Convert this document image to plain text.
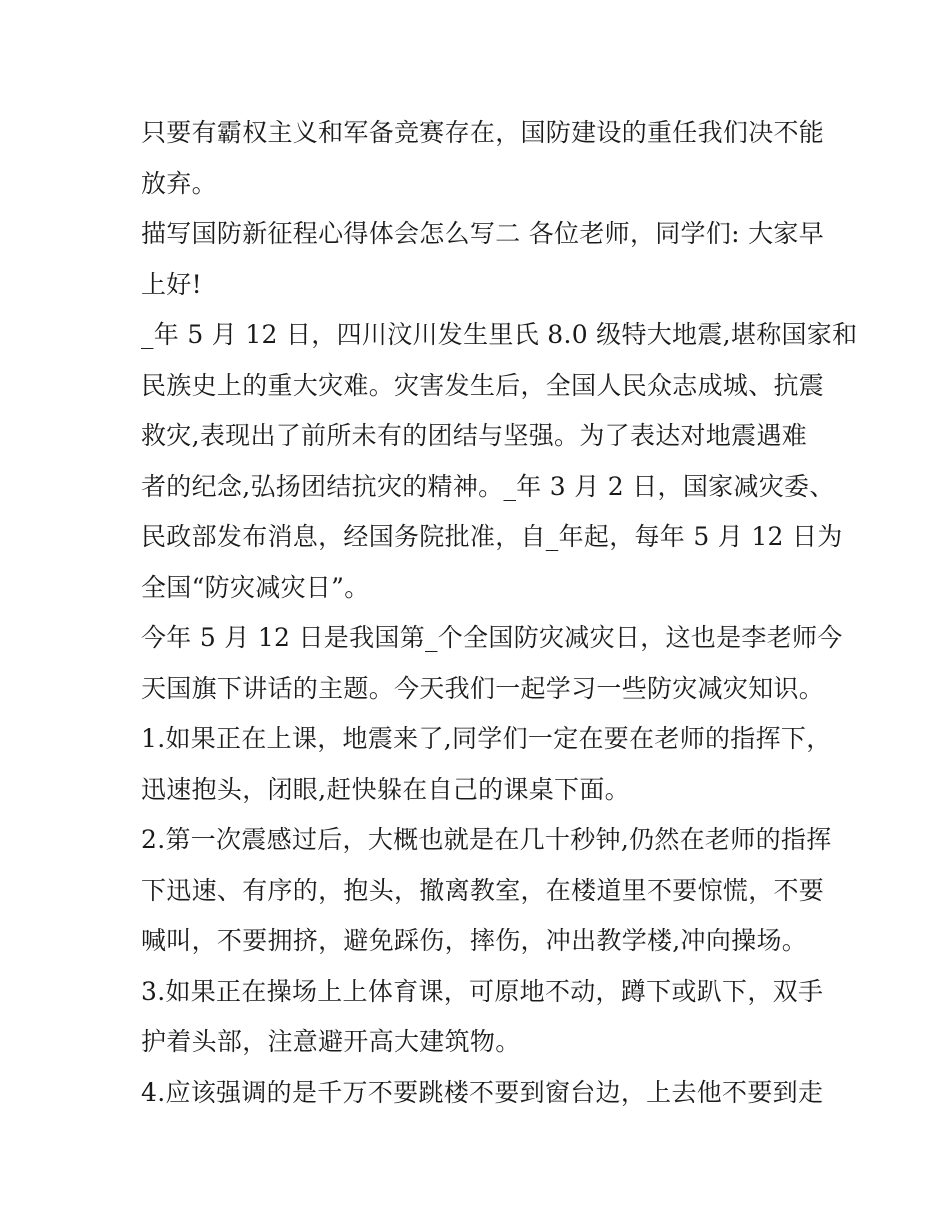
只要有霸权主义和军备竞赛存在，国防建设的重任我们决不能
放弃。
描写国防新征程心得体会怎么写二 各位老师，同学们: 大家早
上好!
_年 5 月 12 日，四川汶川发生里氏 8.0 级特大地震,堪称国家和
民族史上的重大灾难。灾害发生后，全国人民众志成城、抗震
救灾,表现出了前所未有的团结与坚强。为了表达对地震遇难
者的纪念,弘扬团结抗灾的精神。_年 3 月 2 日，国家减灾委、
民政部发布消息，经国务院批准，自_年起，每年 5 月 12 日为
全国“防灾减灾日”。
今年 5 月 12 日是我国第_个全国防灾减灾日，这也是李老师今
天国旗下讲话的主题。今天我们一起学习一些防灾减灾知识。
1.如果正在上课，地震来了,同学们一定在要在老师的指挥下，
迅速抱头，闭眼,赶快躲在自己的课桌下面。
2.第一次震感过后，大概也就是在几十秒钟,仍然在老师的指挥
下迅速、有序的，抱头，撤离教室，在楼道里不要惊慌，不要
喊叫，不要拥挤，避免踩伤，摔伤，冲出教学楼,冲向操场。
3.如果正在操场上上体育课，可原地不动，蹲下或趴下，双手
护着头部，注意避开高大建筑物。
4.应该强调的是千万不要跳楼不要到窗台边，上去他不要到走
